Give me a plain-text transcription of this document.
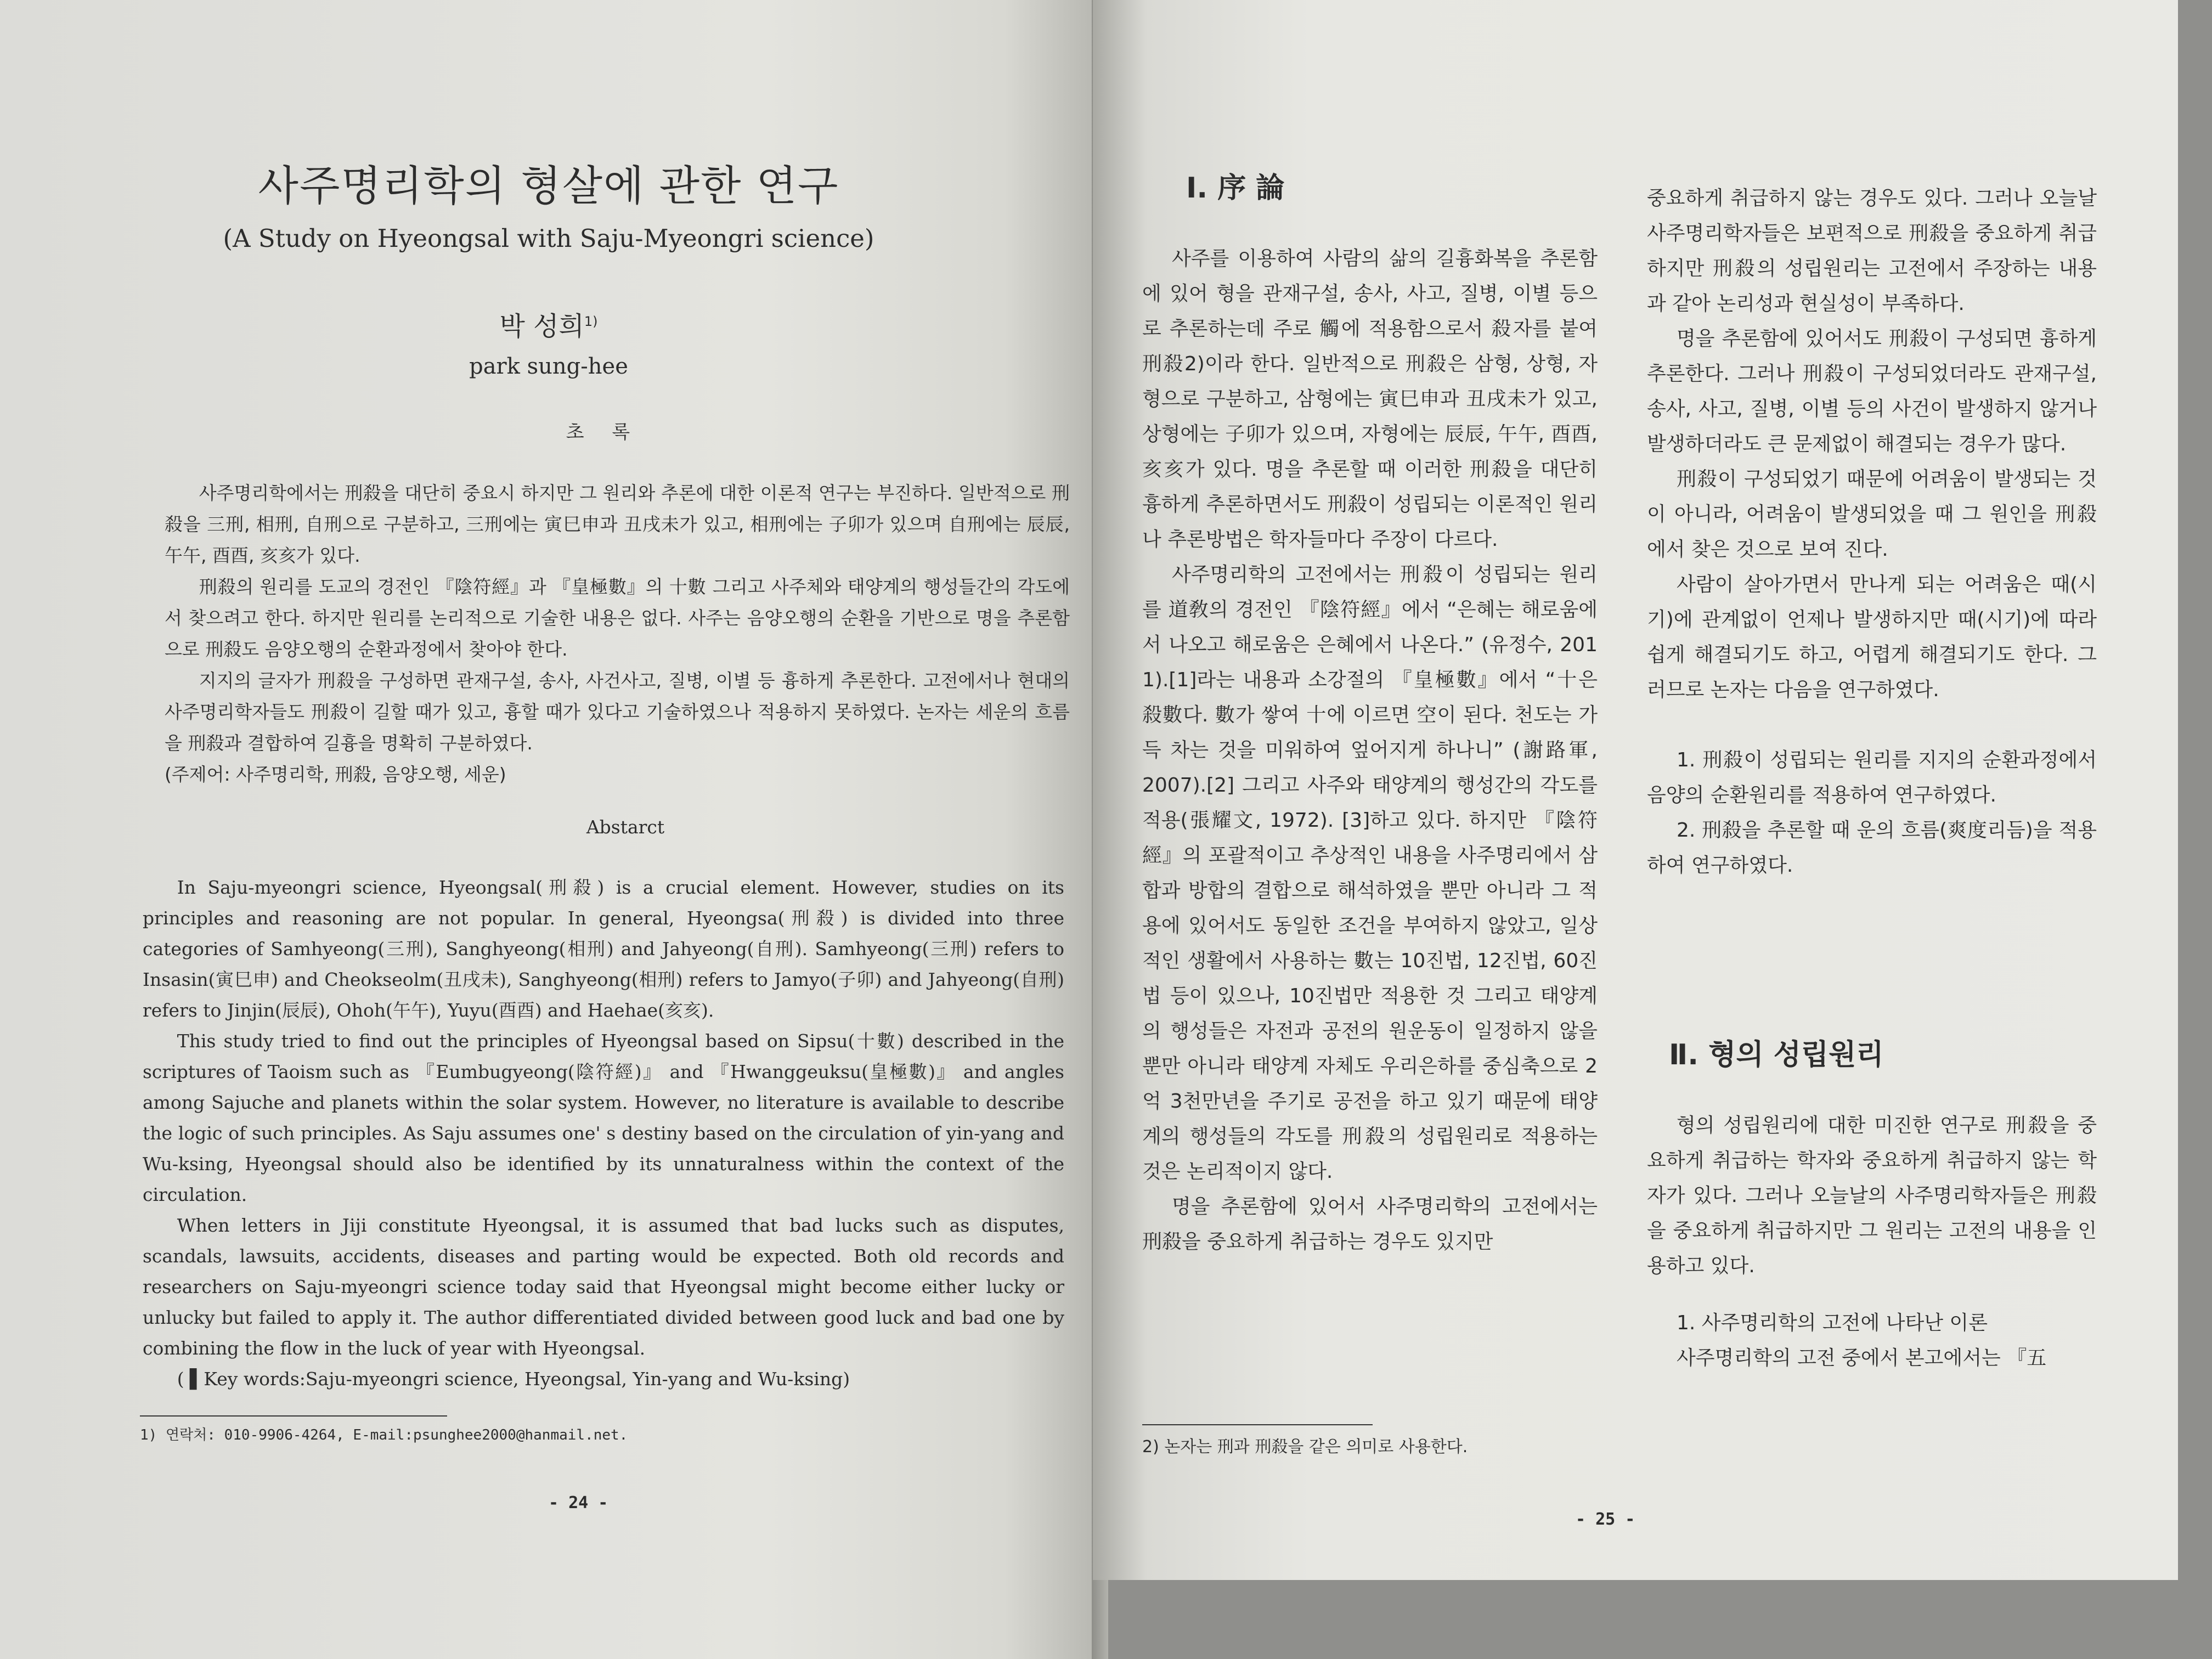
사주명리학의 형살에 관한 연구
(A Study on Hyeongsal with Saju-Myeongri science)
박 성희$^{1)}$
park sung-hee
초 록

사주명리학에서는 刑殺을 대단히 중요시 하지만 그 원리와 추론에 대한 이론적 연구는 부진하다. 일반적으로 刑殺을 三刑, 相刑, 自刑으로 구분하고, 三刑에는 寅巳申과 丑戌未가 있고, 相刑에는 子卯가 있으며 自刑에는 辰辰, 午午, 酉酉, 亥亥가 있다.

刑殺의 원리를 도교의 경전인 『陰符經』과 『皇極數』의 十數 그리고 사주체와 태양계의 행성들간의 각도에서 찾으려고 한다. 하지만 원리를 논리적으로 기술한 내용은 없다. 사주는 음양오행의 순환을 기반으로 명을 추론함으로 刑殺도 음양오행의 순환과정에서 찾아야 한다.

지지의 글자가 刑殺을 구성하면 관재구설, 송사, 사건사고, 질병, 이별 등 흉하게 추론한다. 고전에서나 현대의 사주명리학자들도 刑殺이 길할 때가 있고, 흉할 때가 있다고 기술하였으나 적용하지 못하였다. 논자는 세운의 흐름을 刑殺과 결합하여 길흉을 명확히 구분하였다.

(주제어: 사주명리학, 刑殺, 음양오행, 세운)

Abstarct

In Saju-myeongri science, Hyeongsal(刑殺) is a crucial element. However, studies on its principles and reasoning are not popular. In general, Hyeongsa(刑殺) is divided into three categories of Samhyeong(三刑), Sanghyeong(相刑) and Jahyeong(自刑). Samhyeong(三刑) refers to Insasin(寅巳申) and Cheokseolm(丑戌未), Sanghyeong(相刑) refers to Jamyo(子卯) and Jahyeong(自刑) refers to Jinjin(辰辰), Ohoh(午午), Yuyu(酉酉) and Haehae(亥亥).

This study tried to find out the principles of Hyeongsal based on Sipsu(十數) described in the scriptures of Taoism such as 『Eumbugyeong(陰符經)』 and 『Hwanggeuksu(皇極數)』 and angles among Sajuche and planets within the solar system. However, no literature is available to describe the logic of such principles. As Saju assumes one' s destiny based on the circulation of yin-yang and Wu-ksing, Hyeongsal should also be identified by its unnaturalness within the context of the circulation.

When letters in Jiji constitute Hyeongsal, it is assumed that bad lucks such as disputes, scandals, lawsuits, accidents, diseases and parting would be expected. Both old records and researchers on Saju-myeongri science today said that Hyeongsal might become either lucky or unlucky but failed to apply it. The author differentiated divided between good luck and bad one by combining the flow in the luck of year with Hyeongsal.

( ▌Key words:Saju-myeongri science, Hyeongsal, Yin-yang and Wu-ksing)

1) 연락처: 010-9906-4264, E-mail:psunghee2000@hanmail.net.
- 24 -
Ⅰ. 序 論

사주를 이용하여 사람의 삶의 길흉화복을 추론함에 있어 형을 관재구설, 송사, 사고, 질병, 이별 등으로 추론하는데 주로 觸에 적용함으로서 殺자를 붙여 刑殺2)이라 한다. 일반적으로 刑殺은 삼형, 상형, 자형으로 구분하고, 삼형에는 寅巳申과 丑戌未가 있고, 상형에는 子卯가 있으며, 자형에는 辰辰, 午午, 酉酉, 亥亥가 있다. 명을 추론할 때 이러한 刑殺을 대단히 흉하게 추론하면서도 刑殺이 성립되는 이론적인 원리나 추론방법은 학자들마다 주장이 다르다.

사주명리학의 고전에서는 刑殺이 성립되는 원리를 道敎의 경전인 『陰符經』에서 “은혜는 해로움에서 나오고 해로움은 은혜에서 나온다.” (유정수, 201 1).[1]라는 내용과 소강절의 『皇極數』에서 “十은 殺數다. 數가 쌓여 十에 이르면 空이 된다. 천도는 가득 차는 것을 미워하여 엎어지게 하나니” (謝路軍, 2007).[2] 그리고 사주와 태양계의 행성간의 각도를 적용(張耀文, 1972). [3]하고 있다. 하지만 『陰符經』의 포괄적이고 추상적인 내용을 사주명리에서 삼합과 방합의 결합으로 해석하였을 뿐만 아니라 그 적용에 있어서도 동일한 조건을 부여하지 않았고, 일상적인 생활에서 사용하는 數는 10진법, 12진법, 60진법 등이 있으나, 10진법만 적용한 것 그리고 태양계의 행성들은 자전과 공전의 원운동이 일정하지 않을 뿐만 아니라 태양계 자체도 우리은하를 중심축으로 2억 3천만년을 주기로 공전을 하고 있기 때문에 태양계의 행성들의 각도를 刑殺의 성립원리로 적용하는 것은 논리적이지 않다.

명을 추론함에 있어서 사주명리학의 고전에서는 刑殺을 중요하게 취급하는 경우도 있지만

2) 논자는 刑과 刑殺을 같은 의미로 사용한다.

중요하게 취급하지 않는 경우도 있다. 그러나 오늘날 사주명리학자들은 보편적으로 刑殺을 중요하게 취급하지만 刑殺의 성립원리는 고전에서 주장하는 내용과 같아 논리성과 현실성이 부족하다.

명을 추론함에 있어서도 刑殺이 구성되면 흉하게 추론한다. 그러나 刑殺이 구성되었더라도 관재구설, 송사, 사고, 질병, 이별 등의 사건이 발생하지 않거나 발생하더라도 큰 문제없이 해결되는 경우가 많다.

刑殺이 구성되었기 때문에 어려움이 발생되는 것이 아니라, 어려움이 발생되었을 때 그 원인을 刑殺에서 찾은 것으로 보여 진다.

사람이 살아가면서 만나게 되는 어려움은 때(시기)에 관계없이 언제나 발생하지만 때(시기)에 따라 쉽게 해결되기도 하고, 어렵게 해결되기도 한다. 그러므로 논자는 다음을 연구하였다.

1. 刑殺이 성립되는 원리를 지지의 순환과정에서 음양의 순환원리를 적용하여 연구하였다.

2. 刑殺을 추론할 때 운의 흐름(爽度리듬)을 적용하여 연구하였다.

Ⅱ. 형의 성립원리

형의 성립원리에 대한 미진한 연구로 刑殺을 중요하게 취급하는 학자와 중요하게 취급하지 않는 학자가 있다. 그러나 오늘날의 사주명리학자들은 刑殺을 중요하게 취급하지만 그 원리는 고전의 내용을 인용하고 있다.

1. 사주명리학의 고전에 나타난 이론

사주명리학의 고전 중에서 본고에서는 『五

- 25 -
